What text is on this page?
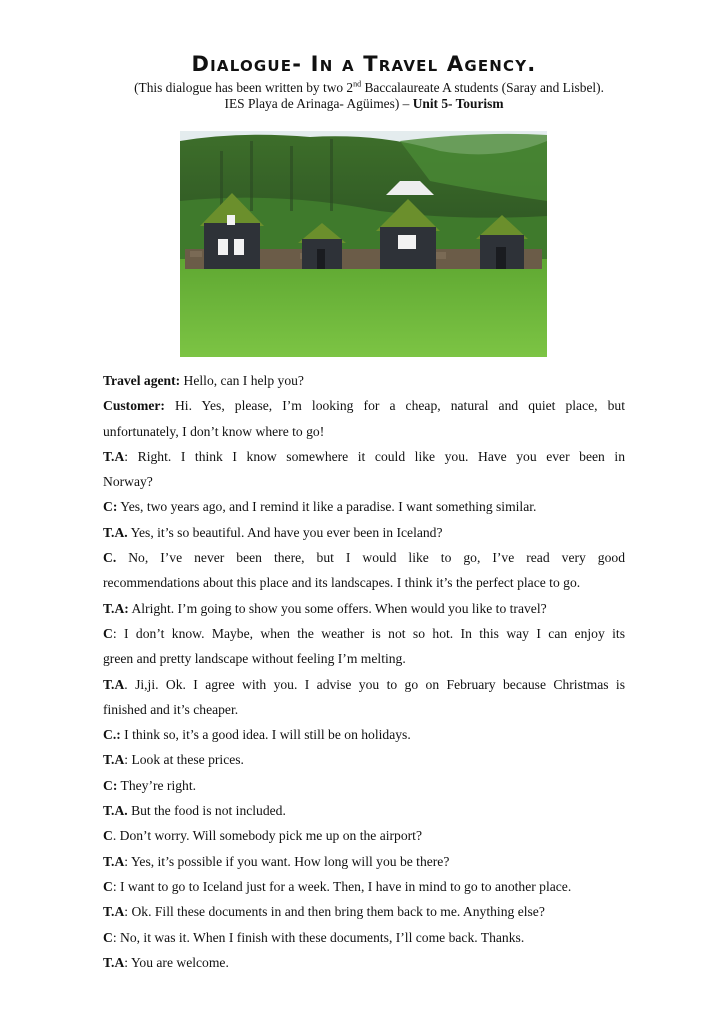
Dialogue- In a Travel Agency.
(This dialogue has been written by two 2nd Baccalaureate A students (Saray and Lisbel).
IES Playa de Arinaga- Agüimes) – Unit 5- Tourism
Travel agent: Hello, can I help you?
Customer: Hi. Yes, please, I’m looking for a cheap, natural and quiet place, but
unfortunately, I don’t know where to go!
T.A: Right. I think I know somewhere it could like you. Have you ever been in
Norway?
C: Yes, two years ago, and I remind it like a paradise. I want something similar.
T.A. Yes, it’s so beautiful. And have you ever been in Iceland?
C. No, I’ve never been there, but I would like to go, I’ve read very good
recommendations about this place and its landscapes. I think it’s the perfect place to go.
T.A: Alright. I’m going to show you some offers. When would you like to travel?
C: I don’t know. Maybe, when the weather is not so hot. In this way I can enjoy its
green and pretty landscape without feeling I’m melting.
T.A. Ji,ji. Ok. I agree with you. I advise you to go on February because Christmas is
finished and it’s cheaper.
C.: I think so, it’s a good idea. I will still be on holidays.
T.A: Look at these prices.
C: They’re right.
T.A. But the food is not included.
C. Don’t worry. Will somebody pick me up on the airport?
T.A: Yes, it’s possible if you want. How long will you be there?
C: I want to go to Iceland just for a week. Then, I have in mind to go to another place.
T.A: Ok. Fill these documents in and then bring them back to me. Anything else?
C: No, it was it. When I finish with these documents, I’ll come back. Thanks.
T.A: You are welcome.
